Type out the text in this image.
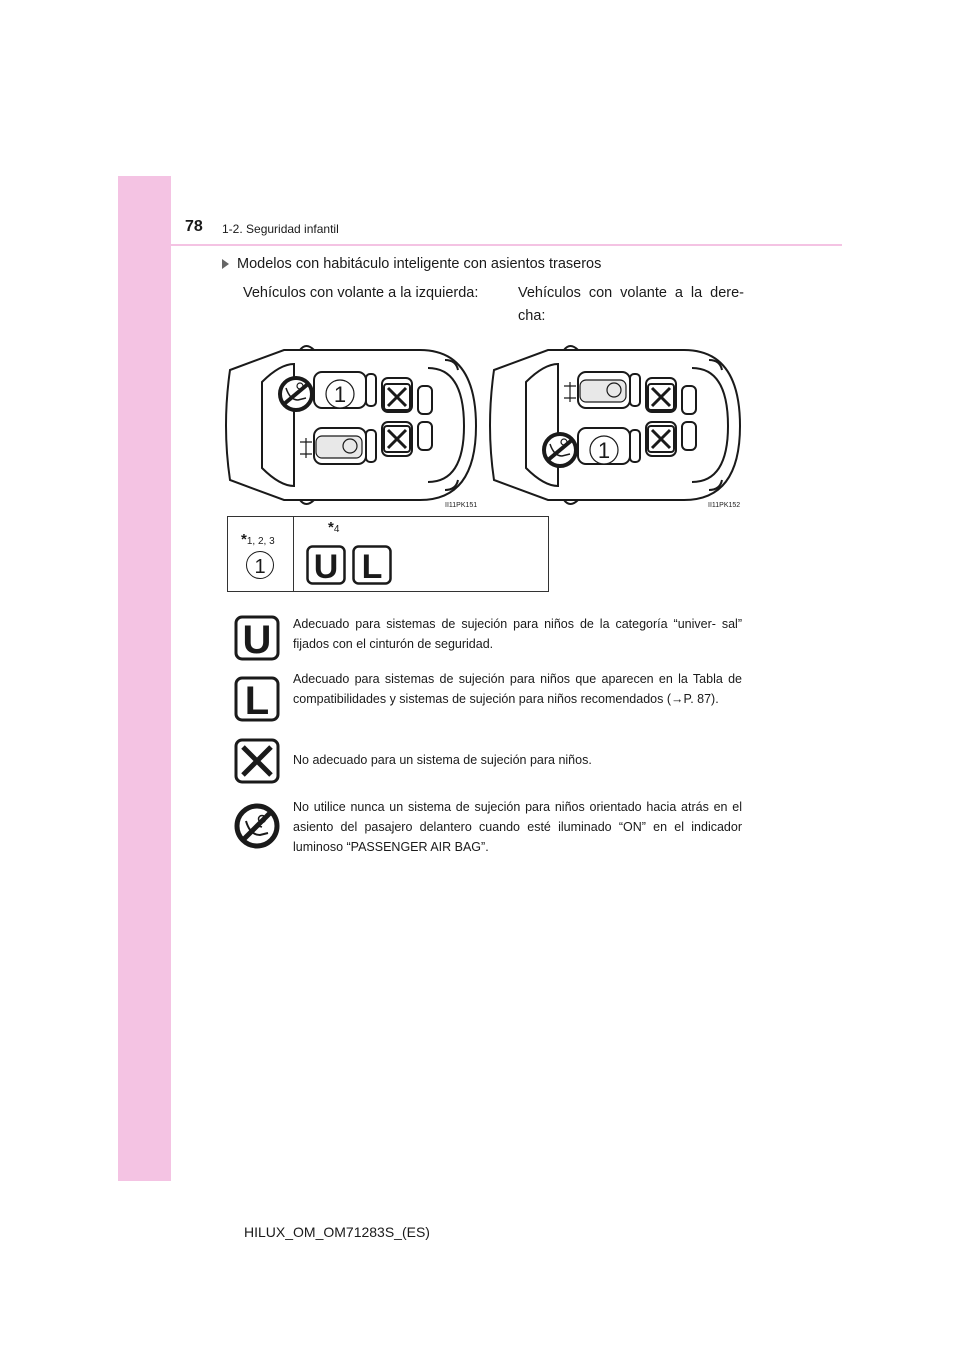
78 1-2. Seguridad infantil
Modelos con habitáculo inteligente con asientos traseros
Vehículos con volante a la izquierda:	Vehículos con volante a la dere- cha:
1
II11PK151
1
II11PK152
*1, 2, 3
1
*4
U L
U Adecuado para sistemas de sujeción para niños de la categoría “univer- sal” fijados con el cinturón de seguridad.
L Adecuado para sistemas de sujeción para niños que aparecen en la Tabla de compatibilidades y sistemas de sujeción para niños recomendados (→P. 87).
No adecuado para un sistema de sujeción para niños.
No utilice nunca un sistema de sujeción para niños orientado hacia atrás en el asiento del pasajero delantero cuando esté iluminado “ON” en el indicador luminoso “PASSENGER AIR BAG”.
HILUX_OM_OM71283S_(ES)
